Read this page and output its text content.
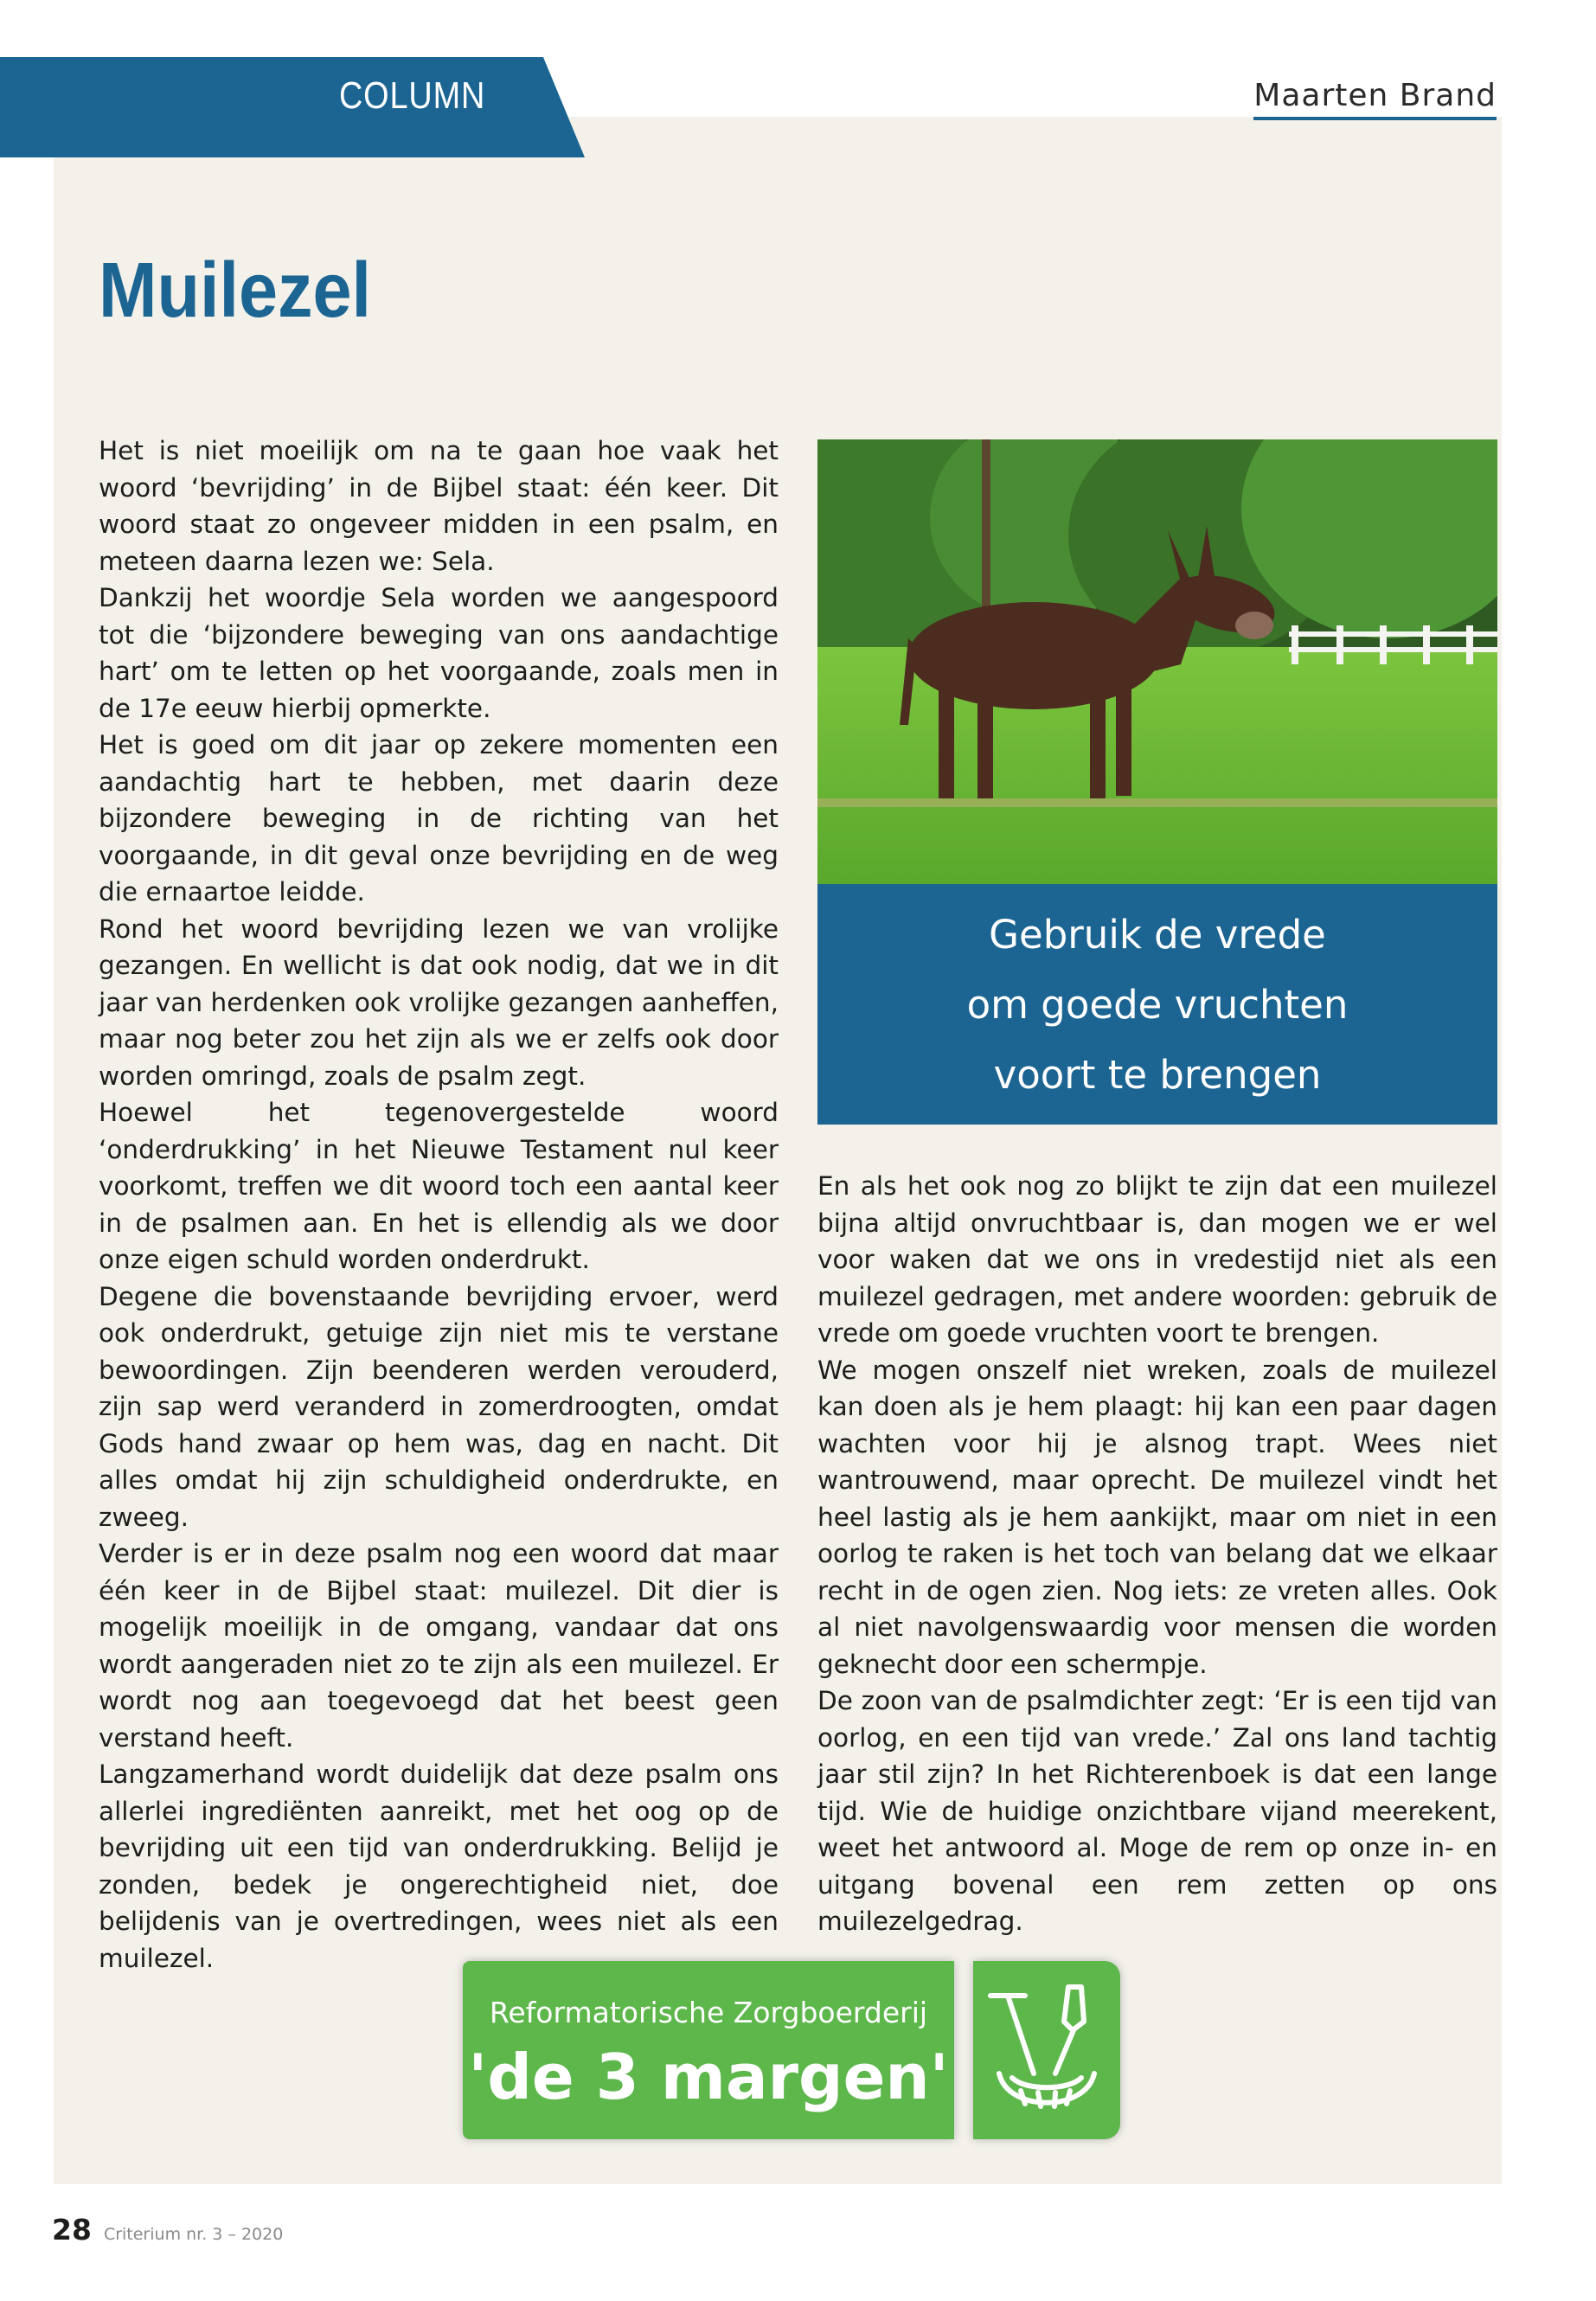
COLUMN	Maarten Brand
Muilezel

Het is niet moeilijk om na te gaan hoe vaak het woord ‘bevrijding’ in de Bijbel staat: één keer. Dit woord staat zo ongeveer midden in een psalm, en meteen daarna lezen we: Sela.

Dankzij het woordje Sela worden we aangespoord tot die ‘bijzondere beweging van ons aandachtige hart’ om te letten op het voorgaande, zoals men in de 17e eeuw hierbij opmerkte.

Het is goed om dit jaar op zekere momenten een aandachtig hart te hebben, met daarin deze bijzondere beweging in de richting van het voorgaande, in dit geval onze bevrijding en de weg die ernaartoe leidde.

Rond het woord bevrijding lezen we van vrolijke gezangen. En wellicht is dat ook nodig, dat we in dit jaar van herdenken ook vrolijke gezangen aanheffen, maar nog beter zou het zijn als we er zelfs ook door worden omringd, zoals de psalm zegt.

Hoewel het tegenovergestelde woord ‘onderdrukking’ in het Nieuwe Testament nul keer voorkomt, treffen we dit woord toch een aantal keer in de psalmen aan. En het is ellendig als we door onze eigen schuld worden onderdrukt.

Degene die bovenstaande bevrijding ervoer, werd ook onderdrukt, getuige zijn niet mis te verstane bewoordingen. Zijn beenderen werden verouderd, zijn sap werd veranderd in zomerdroogten, omdat Gods hand zwaar op hem was, dag en nacht. Dit alles omdat hij zijn schuldigheid onderdrukte, en zweeg.

Verder is er in deze psalm nog een woord dat maar één keer in de Bijbel staat: muilezel. Dit dier is mogelijk moeilijk in de omgang, vandaar dat ons wordt aangeraden niet zo te zijn als een muilezel. Er wordt nog aan toegevoegd dat het beest geen verstand heeft.

Langzamerhand wordt duidelijk dat deze psalm ons allerlei ingrediënten aanreikt, met het oog op de bevrijding uit een tijd van onderdrukking. Belijd je zonden, bedek je ongerechtigheid niet, doe belijdenis van je overtredingen, wees niet als een muilezel.

Gebruik de vrede
om goede vruchten
voort te brengen

En als het ook nog zo blijkt te zijn dat een muilezel bijna altijd onvruchtbaar is, dan mogen we er wel voor waken dat we ons in vredestijd niet als een muilezel gedragen, met andere woorden: gebruik de vrede om goede vruchten voort te brengen.

We mogen onszelf niet wreken, zoals de muilezel kan doen als je hem plaagt: hij kan een paar dagen wachten voor hij je alsnog trapt. Wees niet wantrouwend, maar oprecht. De muilezel vindt het heel lastig als je hem aankijkt, maar om niet in een oorlog te raken is het toch van belang dat we elkaar recht in de ogen zien. Nog iets: ze vreten alles. Ook al niet navolgenswaardig voor mensen die worden geknecht door een schermpje.

De zoon van de psalmdichter zegt: ‘Er is een tijd van oorlog, en een tijd van vrede.’ Zal ons land tachtig jaar stil zijn? In het Richterenboek is dat een lange tijd. Wie de huidige onzichtbare vijand meerekent, weet het antwoord al. Moge de rem op onze in- en uitgang bovenal een rem zetten op ons muilezelgedrag.

Reformatorische Zorgboerderij
'de 3 margen'
28 Criterium nr. 3 – 2020
